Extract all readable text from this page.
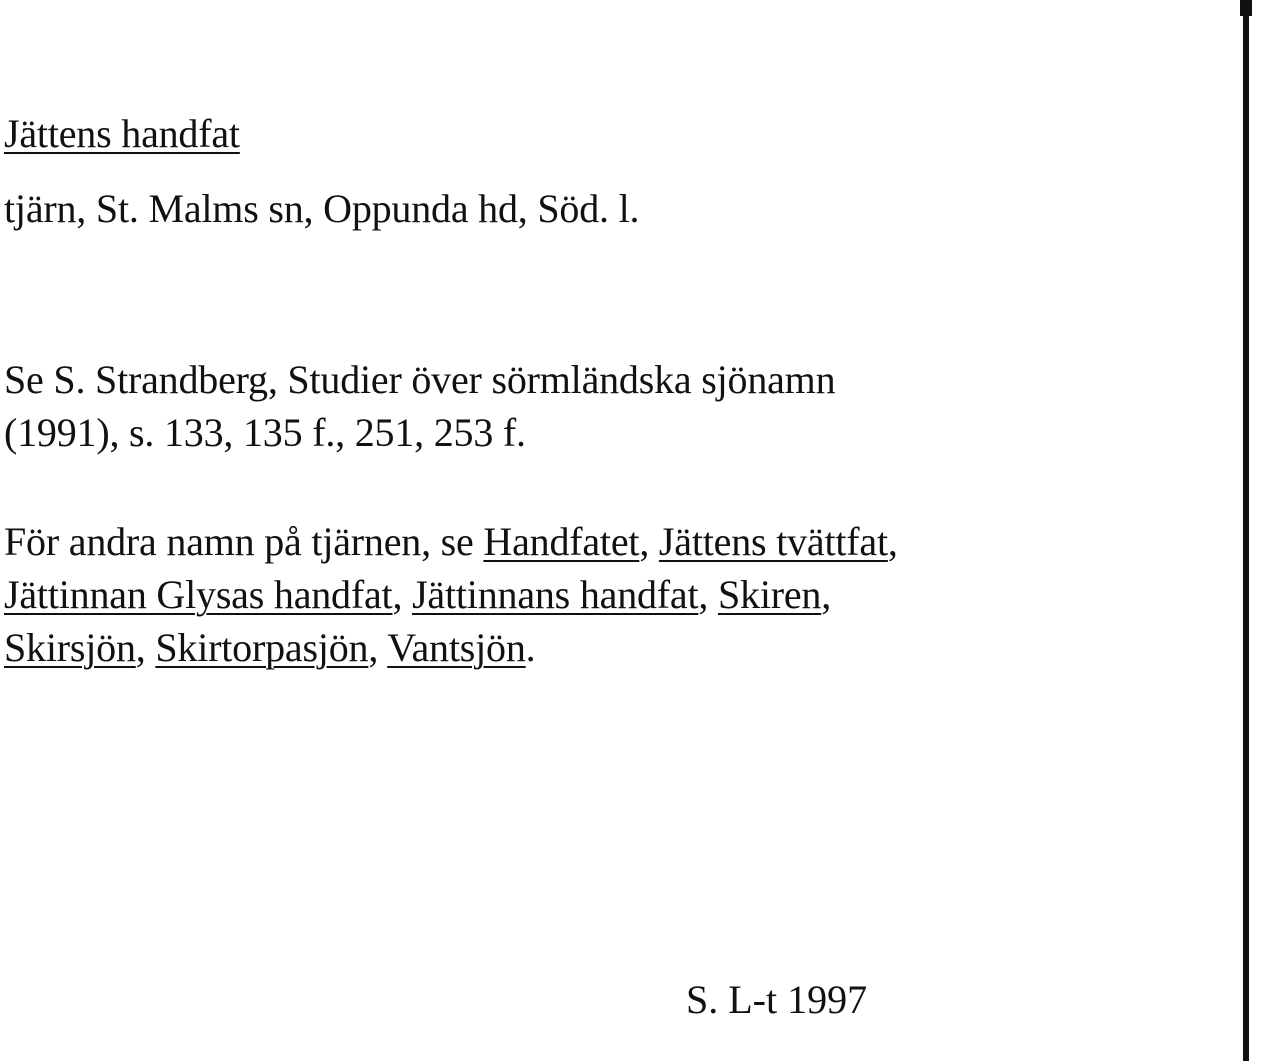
Jättens handfat
tjärn, St. Malms sn, Oppunda hd, Söd. l.
Se S. Strandberg, Studier över sörmländska sjönamn
(1991), s. 133, 135 f., 251, 253 f.
För andra namn på tjärnen, se Handfatet, Jättens tvättfat,
Jättinnan Glysas handfat, Jättinnans handfat, Skiren,
Skirsjön, Skirtorpasjön, Vantsjön.
S. L-t 1997
